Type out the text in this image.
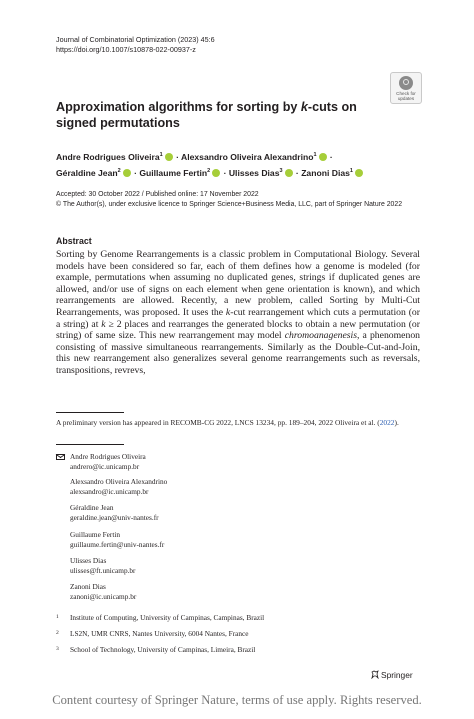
Journal of Combinatorial Optimization (2023) 45:6
https://doi.org/10.1007/s10878-022-00937-z
Check for
updates
Approximation algorithms for sorting by k-cuts on signed permutations
Andre Rodrigues Oliveira$^1$ · Alexsandro Oliveira Alexandrino$^1$ ·
Géraldine Jean$^2$ · Guillaume Fertin$^2$ · Ulisses Dias$^3$ · Zanoni Dias$^1$
Accepted: 30 October 2022 / Published online: 17 November 2022
© The Author(s), under exclusive licence to Springer Science+Business Media, LLC, part of Springer Nature 2022
Abstract
Sorting by Genome Rearrangements is a classic problem in Computational Biology. Several models have been considered so far, each of them defines how a genome is modeled (for example, permutations when assuming no duplicated genes, strings if duplicated genes are allowed, and/or use of signs on each element when gene orientation is known), and which rearrangements are allowed. Recently, a new problem, called Sorting by Multi-Cut Rearrangements, was proposed. It uses the k-cut rearrangement which cuts a permutation (or a string) at k ≥ 2 places and rearranges the generated blocks to obtain a new permutation (or string) of same size. This new rearrangement may model chromoanagenesis, a phenomenon consisting of massive simultaneous rearrangements. Similarly as the Double-Cut-and-Join, this new rearrangement also generalizes several genome rearrangements such as reversals, transpositions, revrevs,
A preliminary version has appeared in RECOMB-CG 2022, LNCS 13234, pp. 189–204, 2022 Oliveira et al. (2022).
Andre Rodrigues Oliveira
andrero@ic.unicamp.br
Alexsandro Oliveira Alexandrino
alexsandro@ic.unicamp.br
Géraldine Jean
geraldine.jean@univ-nantes.fr
Guillaume Fertin
guillaume.fertin@univ-nantes.fr
Ulisses Dias
ulisses@ft.unicamp.br
Zanoni Dias
zanoni@ic.unicamp.br
1 Institute of Computing, University of Campinas, Campinas, Brazil
2 LS2N, UMR CNRS, Nantes University, 6004 Nantes, France
3 School of Technology, University of Campinas, Limeira, Brazil
Springer
Content courtesy of Springer Nature, terms of use apply. Rights reserved.
